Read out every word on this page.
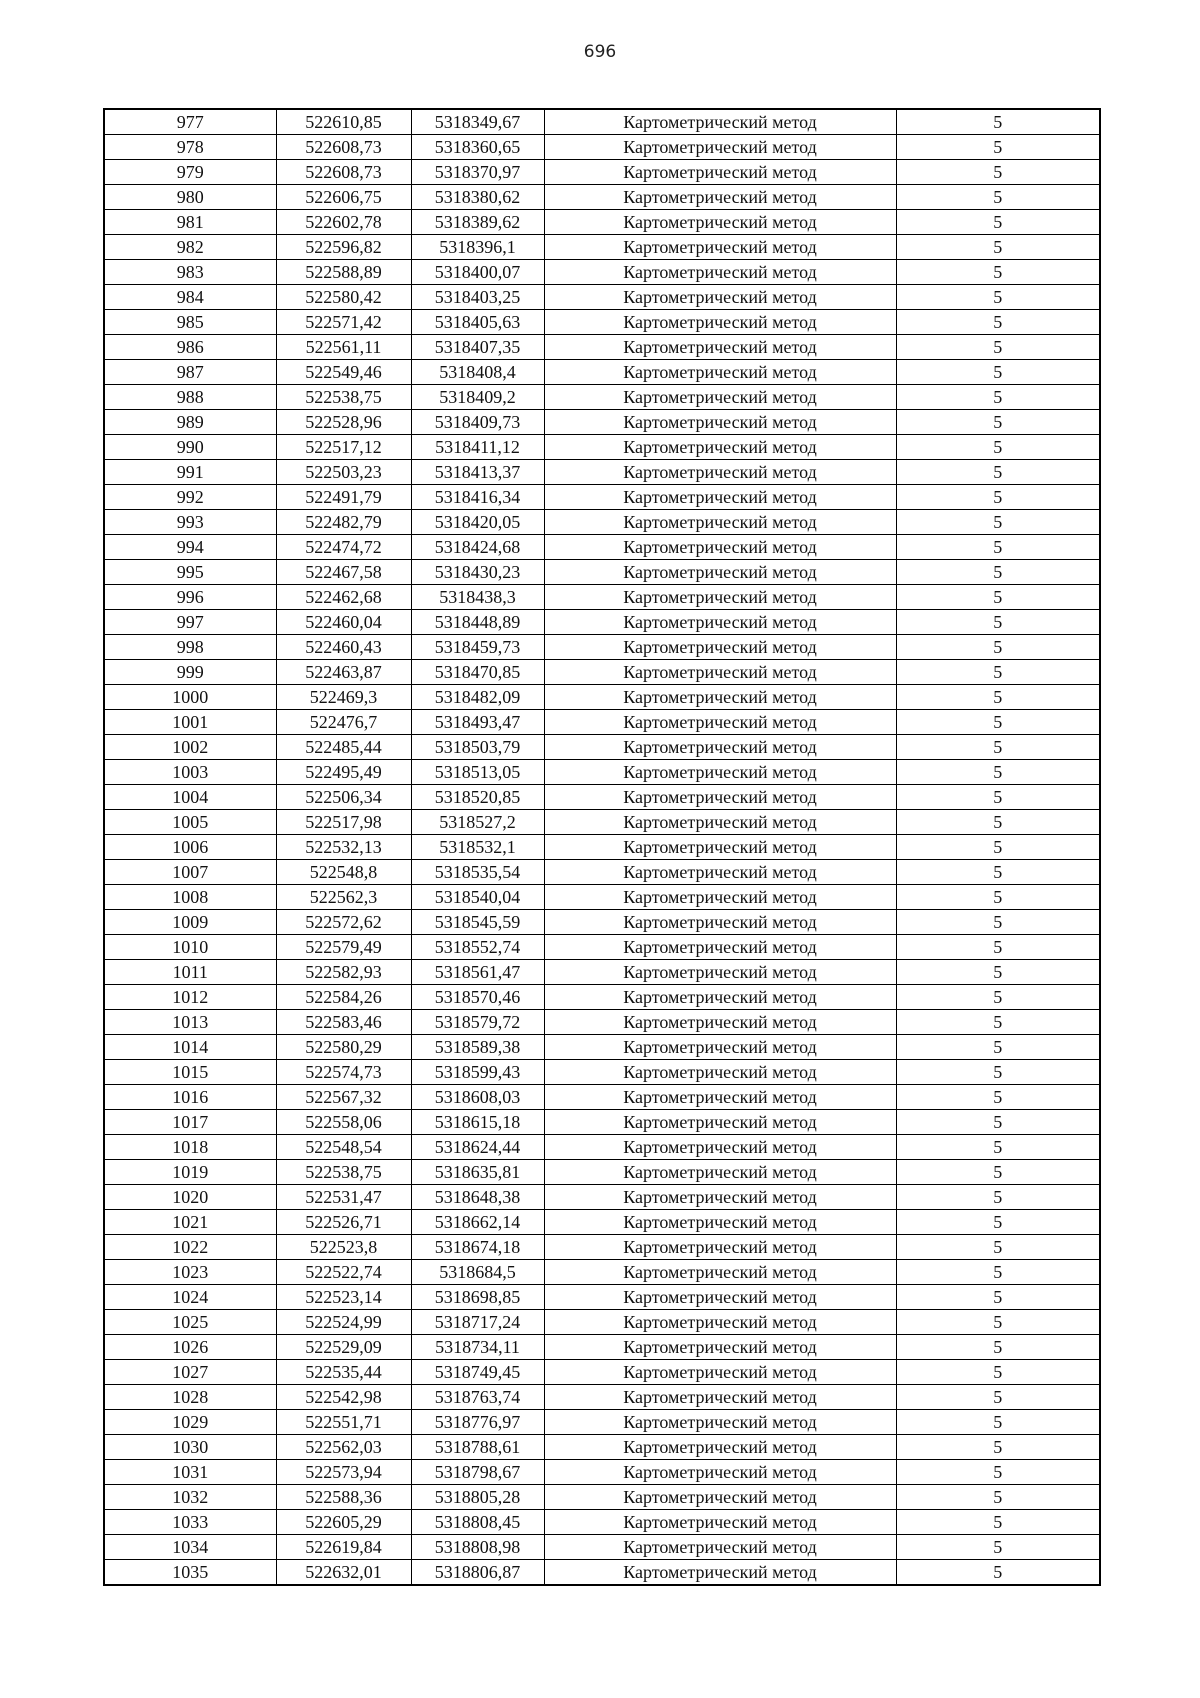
696
977	522610,85	5318349,67	Картометрический метод	5
978	522608,73	5318360,65	Картометрический метод	5
979	522608,73	5318370,97	Картометрический метод	5
980	522606,75	5318380,62	Картометрический метод	5
981	522602,78	5318389,62	Картометрический метод	5
982	522596,82	5318396,1	Картометрический метод	5
983	522588,89	5318400,07	Картометрический метод	5
984	522580,42	5318403,25	Картометрический метод	5
985	522571,42	5318405,63	Картометрический метод	5
986	522561,11	5318407,35	Картометрический метод	5
987	522549,46	5318408,4	Картометрический метод	5
988	522538,75	5318409,2	Картометрический метод	5
989	522528,96	5318409,73	Картометрический метод	5
990	522517,12	5318411,12	Картометрический метод	5
991	522503,23	5318413,37	Картометрический метод	5
992	522491,79	5318416,34	Картометрический метод	5
993	522482,79	5318420,05	Картометрический метод	5
994	522474,72	5318424,68	Картометрический метод	5
995	522467,58	5318430,23	Картометрический метод	5
996	522462,68	5318438,3	Картометрический метод	5
997	522460,04	5318448,89	Картометрический метод	5
998	522460,43	5318459,73	Картометрический метод	5
999	522463,87	5318470,85	Картометрический метод	5
1000	522469,3	5318482,09	Картометрический метод	5
1001	522476,7	5318493,47	Картометрический метод	5
1002	522485,44	5318503,79	Картометрический метод	5
1003	522495,49	5318513,05	Картометрический метод	5
1004	522506,34	5318520,85	Картометрический метод	5
1005	522517,98	5318527,2	Картометрический метод	5
1006	522532,13	5318532,1	Картометрический метод	5
1007	522548,8	5318535,54	Картометрический метод	5
1008	522562,3	5318540,04	Картометрический метод	5
1009	522572,62	5318545,59	Картометрический метод	5
1010	522579,49	5318552,74	Картометрический метод	5
1011	522582,93	5318561,47	Картометрический метод	5
1012	522584,26	5318570,46	Картометрический метод	5
1013	522583,46	5318579,72	Картометрический метод	5
1014	522580,29	5318589,38	Картометрический метод	5
1015	522574,73	5318599,43	Картометрический метод	5
1016	522567,32	5318608,03	Картометрический метод	5
1017	522558,06	5318615,18	Картометрический метод	5
1018	522548,54	5318624,44	Картометрический метод	5
1019	522538,75	5318635,81	Картометрический метод	5
1020	522531,47	5318648,38	Картометрический метод	5
1021	522526,71	5318662,14	Картометрический метод	5
1022	522523,8	5318674,18	Картометрический метод	5
1023	522522,74	5318684,5	Картометрический метод	5
1024	522523,14	5318698,85	Картометрический метод	5
1025	522524,99	5318717,24	Картометрический метод	5
1026	522529,09	5318734,11	Картометрический метод	5
1027	522535,44	5318749,45	Картометрический метод	5
1028	522542,98	5318763,74	Картометрический метод	5
1029	522551,71	5318776,97	Картометрический метод	5
1030	522562,03	5318788,61	Картометрический метод	5
1031	522573,94	5318798,67	Картометрический метод	5
1032	522588,36	5318805,28	Картометрический метод	5
1033	522605,29	5318808,45	Картометрический метод	5
1034	522619,84	5318808,98	Картометрический метод	5
1035	522632,01	5318806,87	Картометрический метод	5
